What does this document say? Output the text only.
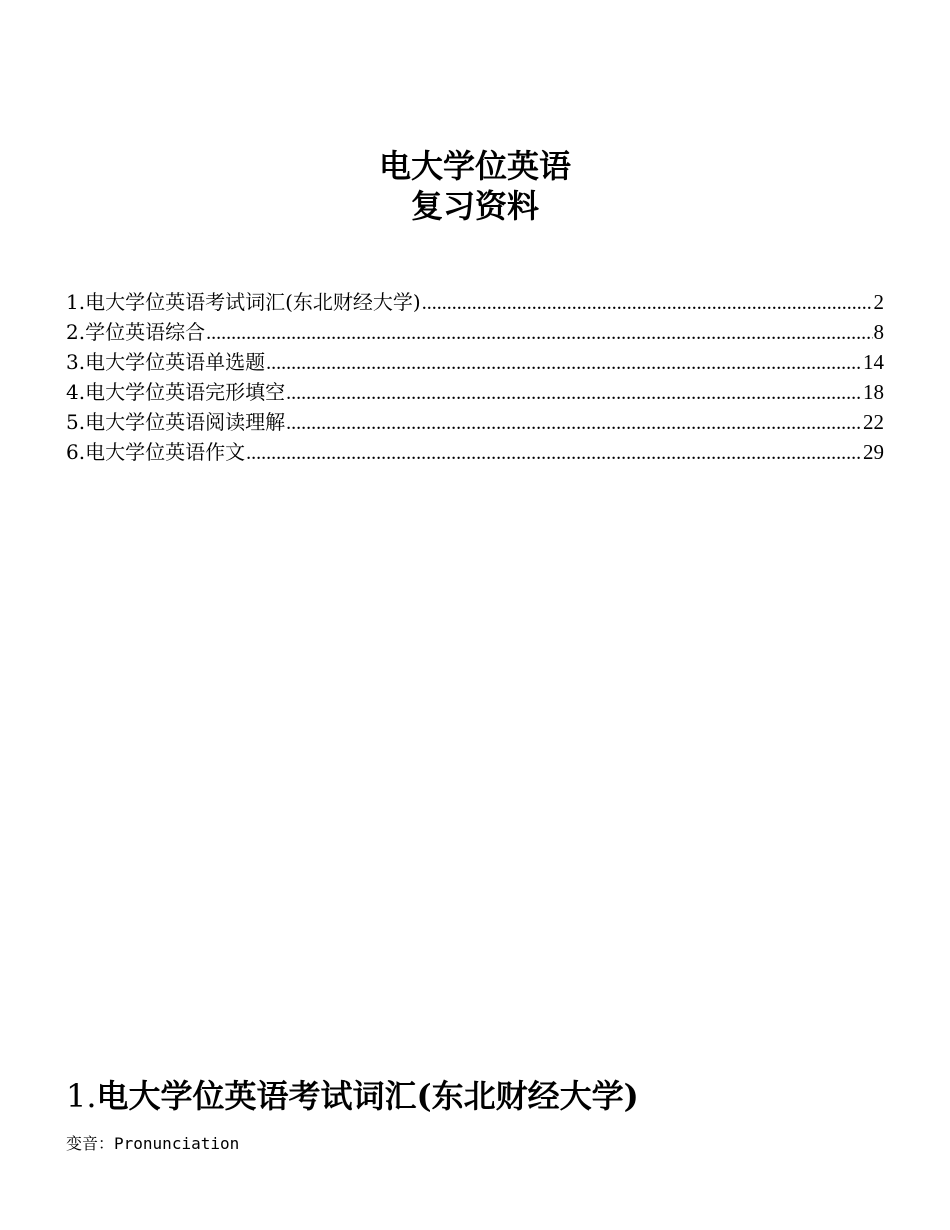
电大学位英语
复习资料
1. 电大学位英语考试词汇(东北财经大学) .....	2
2. 学位英语综合 .....	8
3. 电大学位英语单选题 .....	14
4. 电大学位英语完形填空 .....	18
5. 电大学位英语阅读理解 .....	22
6. 电大学位英语作文 .....	29
1.电大学位英语考试词汇(东北财经大学)
变音：Pronunciation
